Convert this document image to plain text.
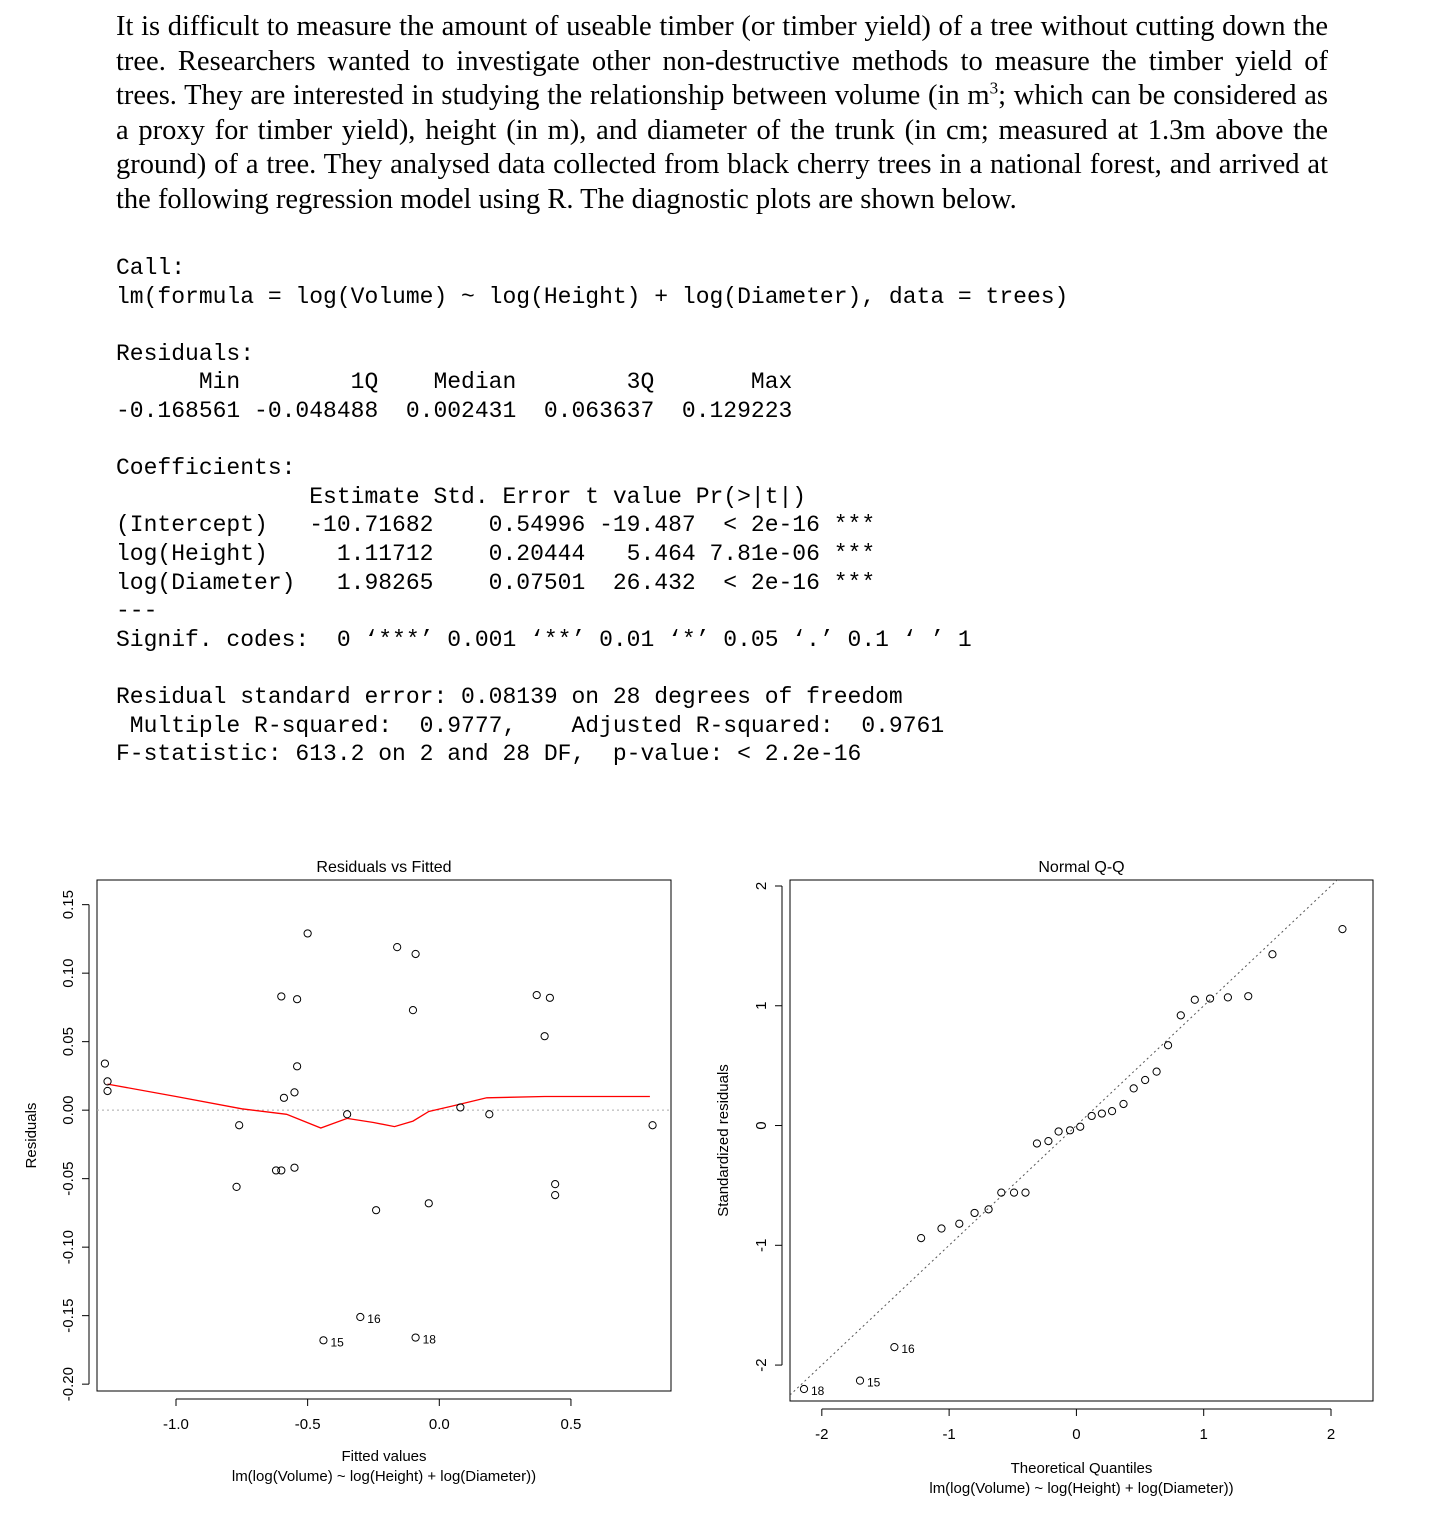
It is difficult to measure the amount of useable timber (or timber yield) of a tree without cutting down the tree. Researchers wanted to investigate other non-destructive methods to measure the timber yield of trees. They are interested in studying the relationship between volume (in $m^3$; which can be considered as a proxy for timber yield), height (in m), and diameter of the trunk (in cm; measured at 1.3m above the ground) of a tree. They analysed data collected from black cherry trees in a national forest, and arrived at the following regression model using R. The diagnostic plots are shown below.
Call:
lm(formula = log(Volume) ~ log(Height) + log(Diameter), data = trees)

Residuals:
Min        1Q    Median        3Q       Max
-0.168561 -0.048488  0.002431  0.063637  0.129223

Coefficients:
Estimate Std. Error t value Pr(>|t|)
(Intercept)   -10.71682    0.54996 -19.487  < 2e-16 ***
log(Height)     1.11712    0.20444   5.464 7.81e-06 ***
log(Diameter)   1.98265    0.07501  26.432  < 2e-16 ***
---
Signif. codes:  0 ‘***’ 0.001 ‘**’ 0.01 ‘*’ 0.05 ‘.’ 0.1 ‘ ’ 1

Residual standard error: 0.08139 on 28 degrees of freedom
Multiple R-squared:  0.9777,    Adjusted R-squared:  0.9761
F-statistic: 613.2 on 2 and 28 DF,  p-value: < 2.2e-16
Residuals vs Fitted
-1.0	-0.5	0.0	0.5
-0.20
-0.15
-0.10
-0.05
0.00
0.05
0.10
0.15
Fitted values
lm(log(Volume) ~ log(Height) + log(Diameter))
Residuals
16
15	18
Normal Q-Q
-2	-1	0	1	2
-2
-1
0
1
2
Theoretical Quantiles
lm(log(Volume) ~ log(Height) + log(Diameter))
Standardized residuals
18
15
16
